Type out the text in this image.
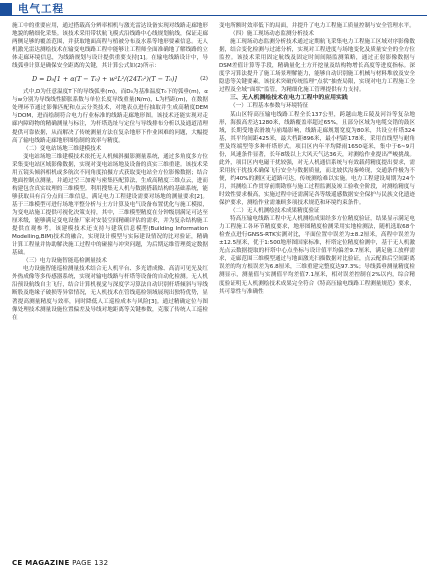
电气工程

施工中的重要应用，通过搭载高分辨率相机与激光雷达设备实现对线路走廊地形地貌的精细化采集。该技术采用带状航飞模式沿线路中心线规划航线，保证走廊两侧足够的覆盖范围，并获取地面高程与植被分布及水系等地形要素信息。无人机激光雷达测绘技术在输变电线路工程中能够让工程师全面准确地了解线路的立体走廊环境信息，为线路规划与设计提供重要支持[1]。在输电线路设计中，导线弧垂计算是确保安全距离的关键，其计算公式如(2)所示：

D = D₀[1 + α(T − T₀) + w²L²/(24T₀²)(T − T₀)]	(2)

式中,D为任意温度T下的导线弧垂(m)，而D₀为基准温度T₀下的弧垂(m)，α与w分别为导线线性膨胀系数与单位长度导线重量(N/m)，L为档距(m)，在数据处理环节通过影像匹配和点云分类技术，对地表点进行抽取并生成高精度DEM与DOM，进而绘制符合电力行业标准的线路走廊地形图。该技术还能实现对走廊内障碍物的精确测量与标注，为杆塔选址与定位与导线排布分析以及通道清理提供可靠依据，从而解决了传统测量方法在复杂地形下作业困难的问题，大幅提高了输电线路走廊地形图绘制的效率与精度。

（二）变电站场地三维建模技术

变电站场地三维建模技术依托无人机倾斜摄影测量系统，通过多角度多方位采集变电站区域影像数据，实现对变电站场地及设备的真实三维重建。该技术采用五镜头倾斜相机或多航次不同角度拍摄方式获取变电站全方位影像数据；结合地面控制点测量，并通过空三加密与密集匹配算法，生成高精度三维点云，进而构建包含真实纹理的三维模型。利用搜集无人机与数据搭载结构的基础系统，能够获取具有百分点间三维信息，满足电力工程建设需要对场地的测量要求[2]。基于三维模型可进行场地平整分析与土方计算及电气设备布置优化与施工模拟，为变电站施工提供可视化决策支持，其中，三维模型精度在分钟级别满足可达至厘米级，能够满足变电设备厂家对安装空间精确评估的需求，并为复杂结构施工提供直观参考。该建模技术还支持与建筑信息模型(Building Information Modelling,BIM)技术的融合，实现设计模型与实际建设情况的比对验证，精确计算工程量并协助解决施工过程中的碰撞与冲突问题，为后期运维管理奠定数据基础。

（三）电力设施智能巡检测量技术

电力设施智能巡检测量技术结合无人机平台、多光谱成像、高清可见光及红外热成像等多传感器系统，实现对输电线路与杆塔等设备的自动化检测。无人机沿预设航线自主飞行，结合计算机视觉与深度学习算法自动识别杆塔倾斜与导线断股及绝缘子破损等异常情况，无人机技术在管线巡检领域展现出独特优势，显著提高测量精度与效率，同时降低人工巡检成本与风险[3]。通过精确定位与图像处理技术测量设施位置偏差及导线对地距离等关键参数，克服了传统人工巡检在

变电所额时效率低下的局面，并提升了电力工程施工质量控制与安全管理水平。

（四）施工现场动态监测分析技术

施工现场动态监测分析技术通过定期航飞采集电力工程施工区域对序影像数据，结合变化检测与过滤分析，实现对工程进度与场地变化及质量安全的全方位监控。该技术采用固定航线及固定时间间隔监测策略，通过正射影像数据与DSM差值计算等手段，精确量化土方开挖量及结构物增长高度等进度指标。深度学习算法提升了施工场景理解能力，能够自动识别施工机械与材料堆放及安全隐患等关键要素，该技术突破传统监理“点状”抽查局限，实现对电力工程施工全过程及全域“面状”监管，为精细化施工管理提供有力支持。

三、无人机测绘技术在电力工程中的应用实践

（一）工程基本参数与环境特征

某山区特高压输电线路工程全长137公里，跨越山地丘陵及河谷等复杂地形，海拔高差达1280米，线路覆盖率超过65%，且部分区域为电缆交错的鼓区域，长期受地表滑坡与崩塌影响，线路走廊规划宽度为80米，共设立杆塔324基，其平均间距425米，最大档距896米，最小档距178米，采用直线型与耐角型及终端型等多种杆塔形式。项目区内年平均降雨1650毫米，集中于6~9月份，风速条件显著，长年8级以上大风天气达36天，对测绘作业提出严峻挑战。此外，项目区内电磁干扰较强，对无人机通信系统与有效载荷精度提出要求，需采用抗干扰技术确保飞行安全与数据质量，而北坡伏沟秦岭现，交通条件极为不便，约40%的测区无道路可达，传统测绘难以实施。电力工程建设周期为24个月，其测绘工作贯穿前期勘察与施工过程监测及竣工验收全阶段，对测绘精度与时效性要求极高，实施过程中还需满足各等级遥感数据安全保护与民族文化遗迹保护要求，测绘作业需兼顾多项技术规范和环境约束条件。

（二）无人机测绘技术成果精度验证

特高压输电线路工程中无人机测绘成果经多方位精度验证，结果显示满足电力工程施工各环节精度要求，地形图精度检测采用实地检测法，随机选取68个检查点进行GNSS-RTK实测对比，平面位置中误差为±8.2厘米，高程中误差为±12.5厘米，优于1:500地形图国家标准，杆塔定位精度检测中，基于无人机激光点云数据提取的杆塔中心点坐标与设计值平均偏差9.7厘米，满足施工放样需求，走廊范围三维模型通过与地面激光扫描数据对比验证，点云配准后空间距离误差的均方根误差为6.8厘米，三维重建完整度达97.3%；导线弧垂测量精度检测显示，测量值与实测值平均差值7.1厘米，相对误差控制在2%以内，综合精度验证明无人机测绘技术成果完全符合《特高压输电线路工程测量规范》要求，其可靠性与准确性

CE MAGAZINE PAGE 132
